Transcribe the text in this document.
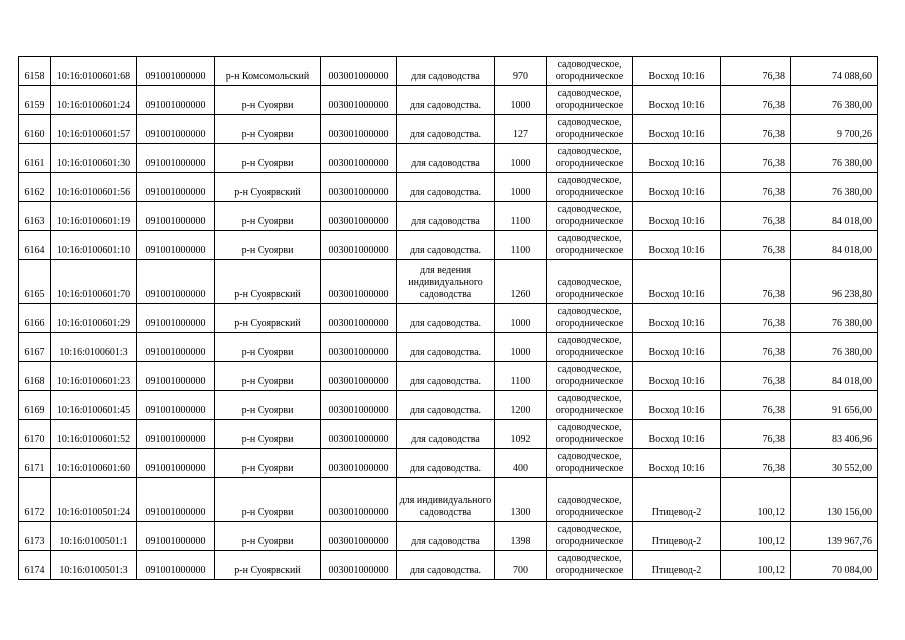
6158	10:16:0100601:68	091001000000	р-н Комсомольский	003001000000	для садоводства	970	садоводческое, огородническое	Восход 10:16	76,38	74 088,60
6159	10:16:0100601:24	091001000000	р-н Суоярви	003001000000	для садоводства.	1000	садоводческое, огородническое	Восход 10:16	76,38	76 380,00
6160	10:16:0100601:57	091001000000	р-н Суоярви	003001000000	для садоводства.	127	садоводческое, огородническое	Восход 10:16	76,38	9 700,26
6161	10:16:0100601:30	091001000000	р-н Суоярви	003001000000	для садоводства	1000	садоводческое, огородническое	Восход 10:16	76,38	76 380,00
6162	10:16:0100601:56	091001000000	р-н Суоярвский	003001000000	для садоводства.	1000	садоводческое, огородническое	Восход 10:16	76,38	76 380,00
6163	10:16:0100601:19	091001000000	р-н Суоярви	003001000000	для садоводства	1100	садоводческое, огородническое	Восход 10:16	76,38	84 018,00
6164	10:16:0100601:10	091001000000	р-н Суоярви	003001000000	для садоводства.	1100	садоводческое, огородническое	Восход 10:16	76,38	84 018,00
6165	10:16:0100601:70	091001000000	р-н Суоярвский	003001000000	для ведения индивидуального садоводства	1260	садоводческое, огородническое	Восход 10:16	76,38	96 238,80
6166	10:16:0100601:29	091001000000	р-н Суоярвский	003001000000	для садоводства.	1000	садоводческое, огородническое	Восход 10:16	76,38	76 380,00
6167	10:16:0100601:3	091001000000	р-н Суоярви	003001000000	для садоводства.	1000	садоводческое, огородническое	Восход 10:16	76,38	76 380,00
6168	10:16:0100601:23	091001000000	р-н Суоярви	003001000000	для садоводства.	1100	садоводческое, огородническое	Восход 10:16	76,38	84 018,00
6169	10:16:0100601:45	091001000000	р-н Суоярви	003001000000	для садоводства.	1200	садоводческое, огородническое	Восход 10:16	76,38	91 656,00
6170	10:16:0100601:52	091001000000	р-н Суоярви	003001000000	для садоводства	1092	садоводческое, огородническое	Восход 10:16	76,38	83 406,96
6171	10:16:0100601:60	091001000000	р-н Суоярви	003001000000	для садоводства.	400	садоводческое, огородническое	Восход 10:16	76,38	30 552,00
6172	10:16:0100501:24	091001000000	р-н Суоярви	003001000000	для индивидуального садоводства	1300	садоводческое, огородническое	Птицевод-2	100,12	130 156,00
6173	10:16:0100501:1	091001000000	р-н Суоярви	003001000000	для садоводства	1398	садоводческое, огородническое	Птицевод-2	100,12	139 967,76
6174	10:16:0100501:3	091001000000	р-н Суоярвский	003001000000	для садоводства.	700	садоводческое, огородническое	Птицевод-2	100,12	70 084,00
